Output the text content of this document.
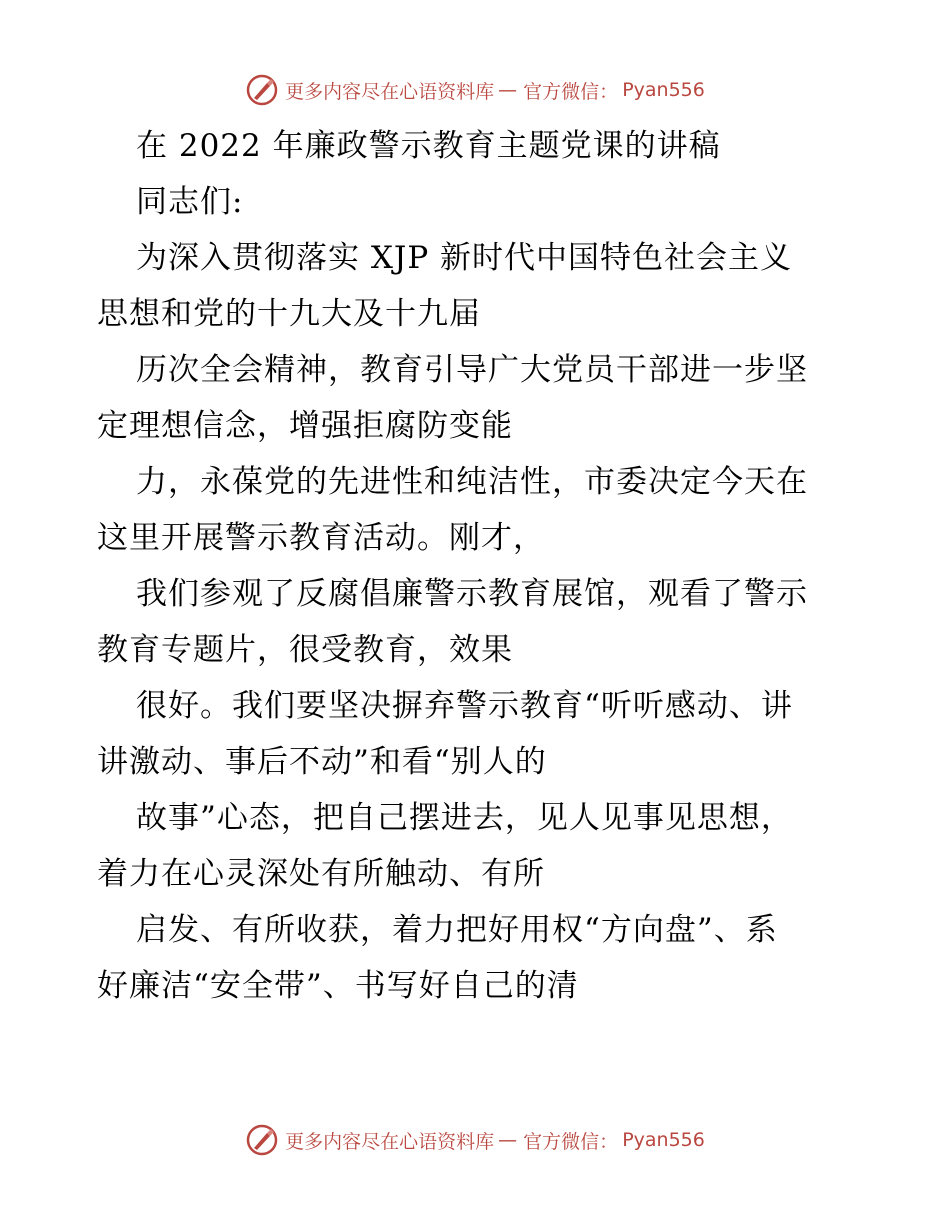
更多内容尽在心语资料库 — 官方微信： Pyan556
在 2022 年廉政警示教育主题党课的讲稿
同志们:
为深入贯彻落实 XJP 新时代中国特色社会主义
思想和党的十九大及十九届
历次全会精神，教育引导广大党员干部进一步坚
定理想信念，增强拒腐防变能
力，永葆党的先进性和纯洁性，市委决定今天在
这里开展警示教育活动。刚才，
我们参观了反腐倡廉警示教育展馆，观看了警示
教育专题片，很受教育，效果
很好。我们要坚决摒弃警示教育“听听感动、讲
讲激动、事后不动”和看“别人的
故事”心态，把自己摆进去，见人见事见思想，
着力在心灵深处有所触动、有所
启发、有所收获，着力把好用权“方向盘”、系
好廉洁“安全带”、书写好自己的清
更多内容尽在心语资料库 — 官方微信： Pyan556
